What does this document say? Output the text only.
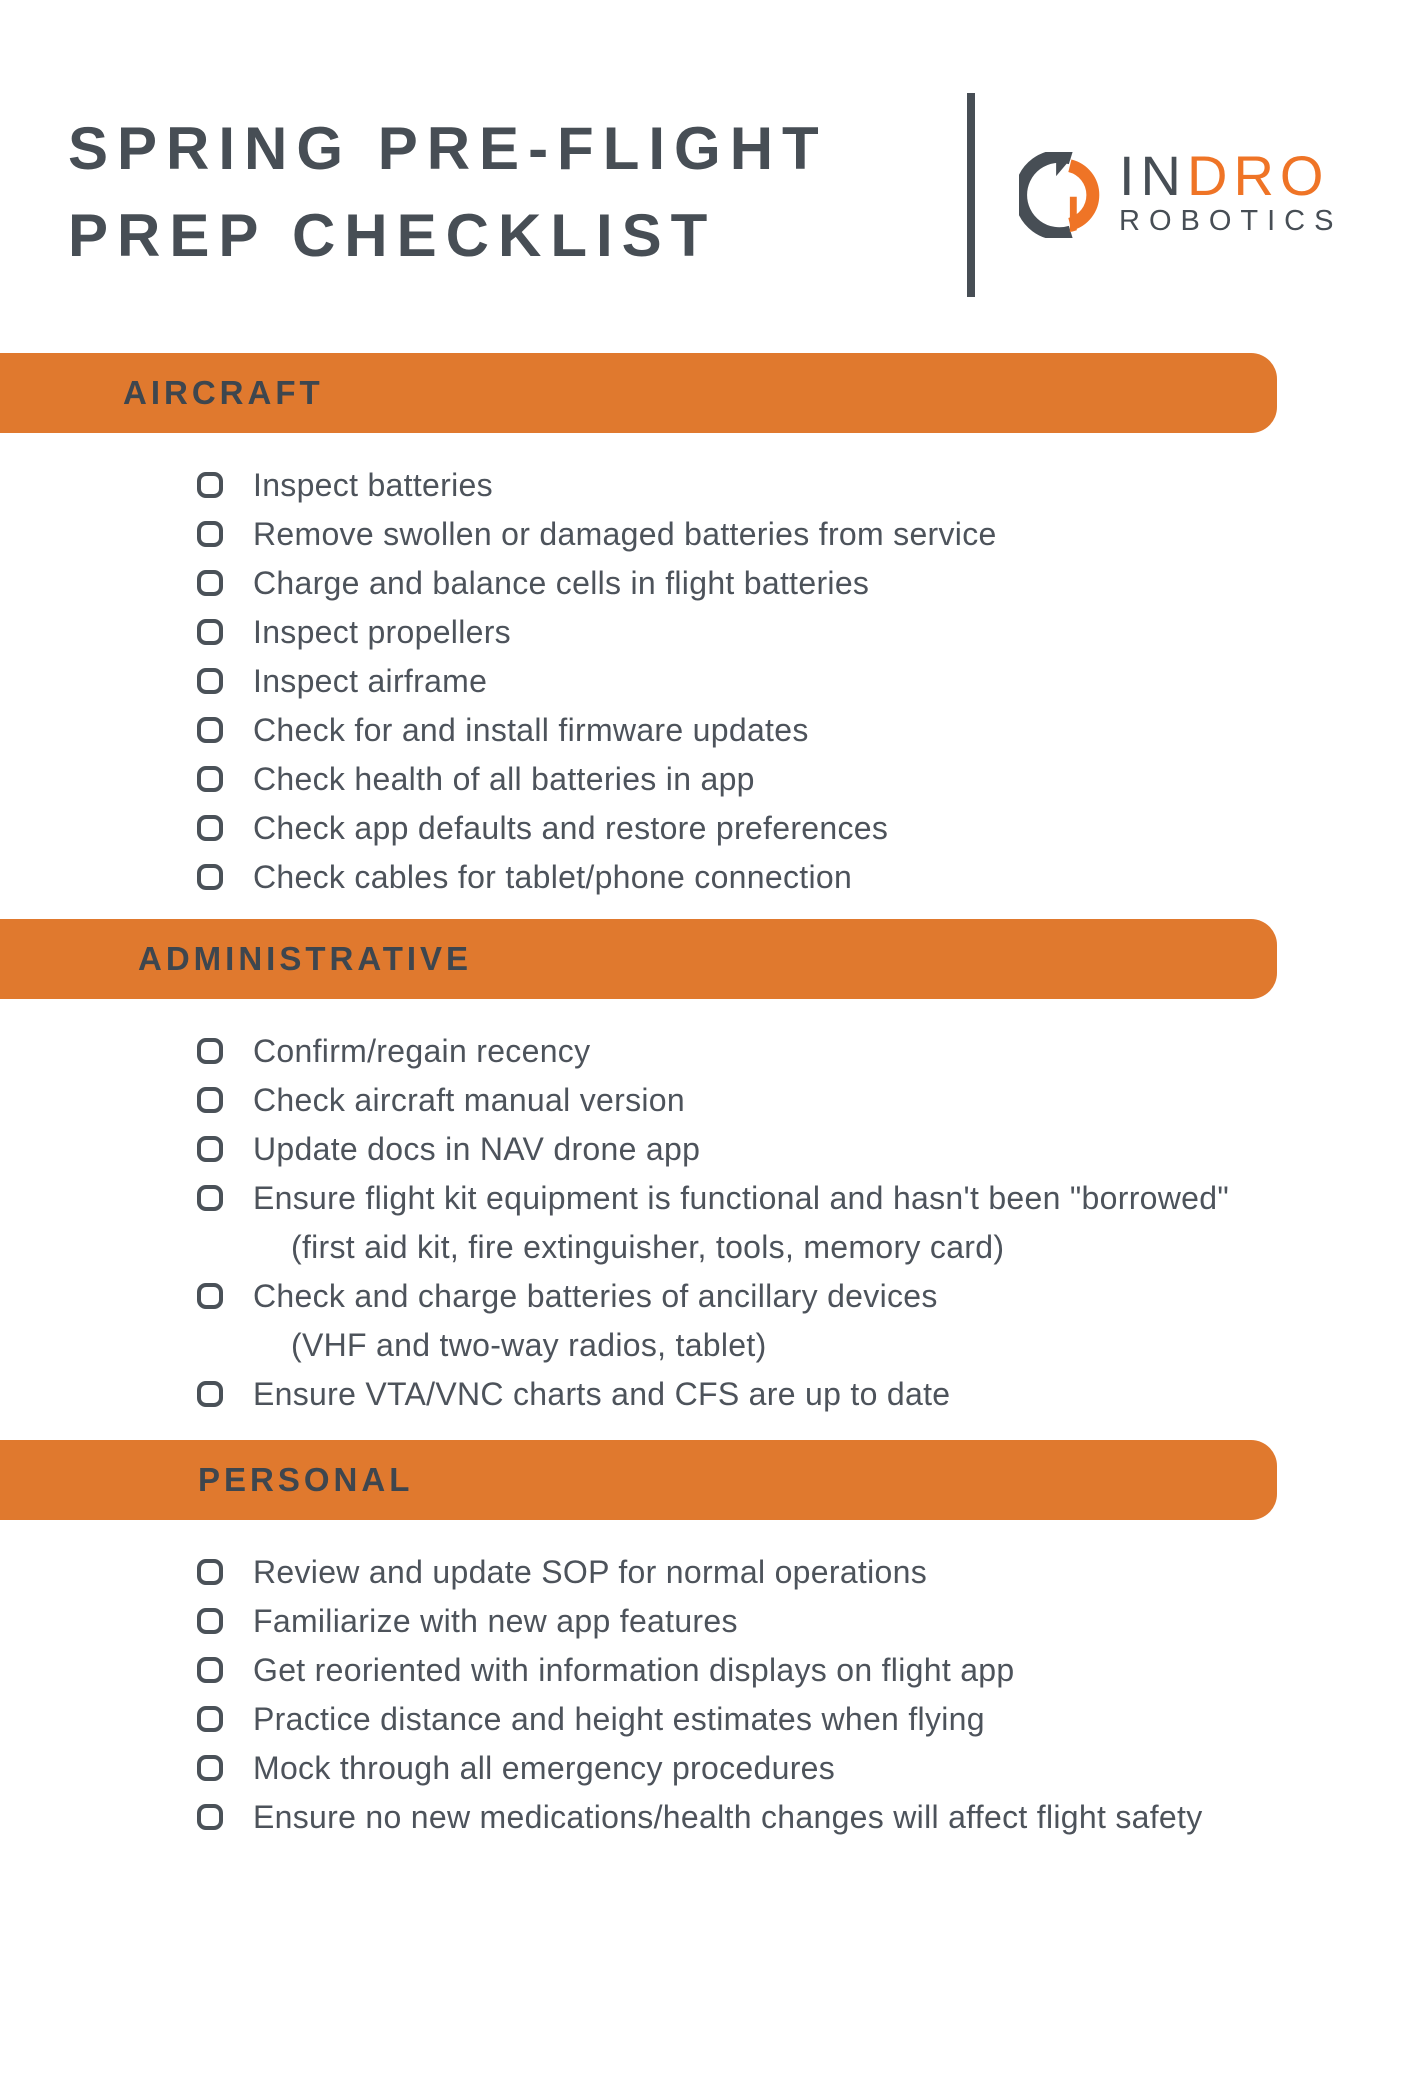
SPRING PRE-FLIGHT
PREP CHECKLIST
INDRO
ROBOTICS
AIRCRAFT
Inspect batteries
Remove swollen or damaged batteries from service
Charge and balance cells in flight batteries
Inspect propellers
Inspect airframe
Check for and install firmware updates
Check health of all batteries in app
Check app defaults and restore preferences
Check cables for tablet/phone connection
ADMINISTRATIVE
Confirm/regain recency
Check aircraft manual version
Update docs in NAV drone app
Ensure flight kit equipment is functional and hasn't been "borrowed"
(first aid kit, fire extinguisher, tools, memory card)
Check and charge batteries of ancillary devices
(VHF and two-way radios, tablet)
Ensure VTA/VNC charts and CFS are up to date
PERSONAL
Review and update SOP for normal operations
Familiarize with new app features
Get reoriented with information displays on flight app
Practice distance and height estimates when flying
Mock through all emergency procedures
Ensure no new medications/health changes will affect flight safety
